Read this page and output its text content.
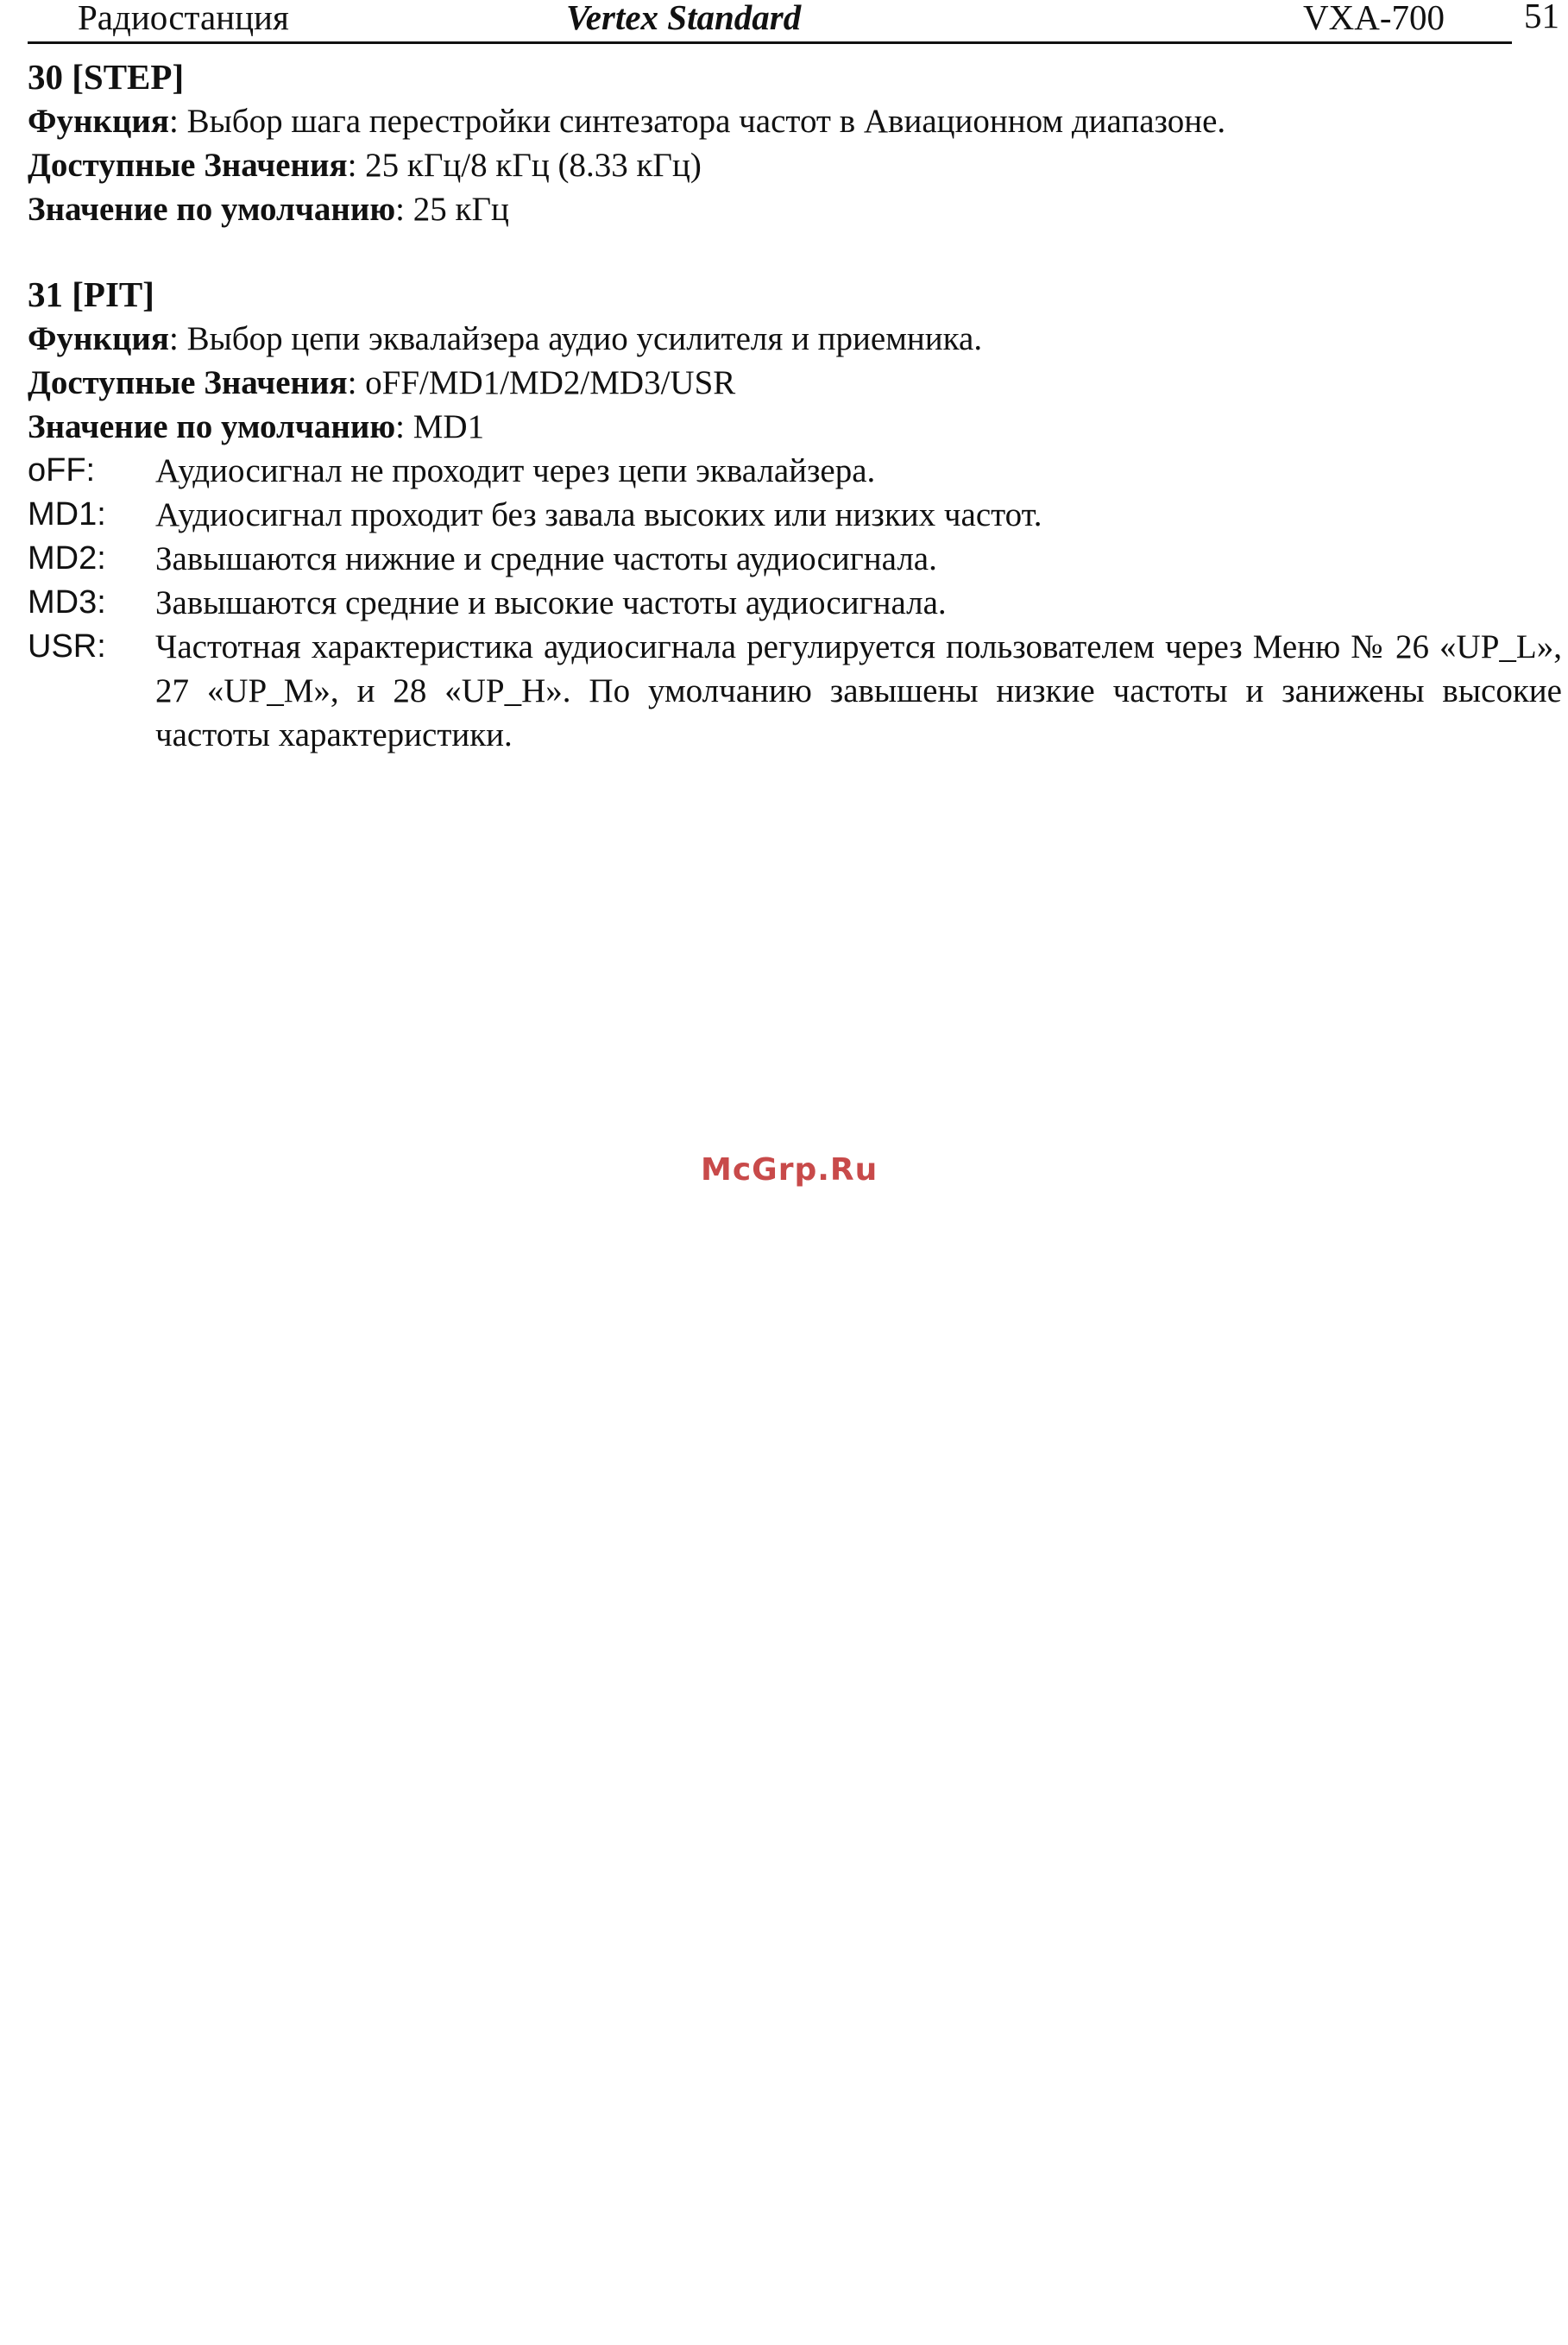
Радиостанция	Vertex Standard	VXA-700 51

30 [STEP]

Функция: Выбор шага перестройки синтезатора частот в Авиационном диапазоне.

Доступные Значения: 25 кГц/8 кГц (8.33 кГц)

Значение по умолчанию: 25 кГц

31 [PIT]

Функция: Выбор цепи эквалайзера аудио усилителя и приемника.

Доступные Значения: oFF/MD1/MD2/MD3/USR

Значение по умолчанию: MD1

oFF:	Аудиосигнал не проходит через цепи эквалайзера.
MD1:	Аудиосигнал проходит без завала высоких или низких частот.
MD2:	Завышаются нижние и средние частоты аудиосигнала.
MD3:	Завышаются средние и высокие частоты аудиосигнала.
USR:	Частотная характеристика аудиосигнала регулируется пользователем через Меню № 26 «UP_L», 27 «UP_M», и 28 «UP_H». По умолчанию завышены низкие частоты и занижены высокие частоты характеристики.
McGrp.Ru
